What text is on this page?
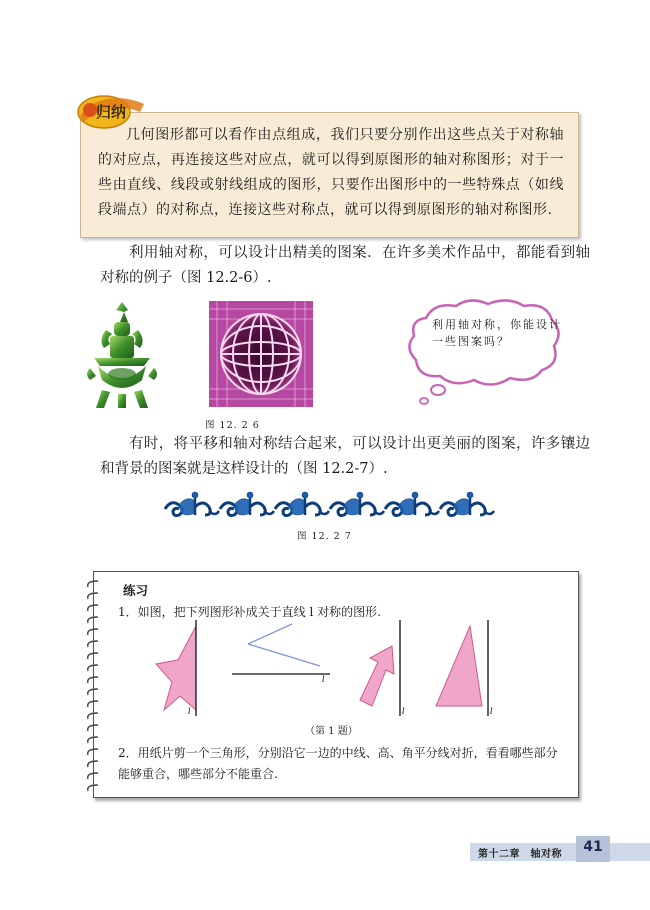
归纳
几何图形都可以看作由点组成，我们只要分别作出这些点关于对称轴的对应点，再连接这些对应点，就可以得到原图形的轴对称图形；对于一些由直线、线段或射线组成的图形，只要作出图形中的一些特殊点（如线段端点）的对称点，连接这些对称点，就可以得到原图形的轴对称图形.
利用轴对称，可以设计出精美的图案．在许多美术作品中，都能看到轴对称的例子（图 12.2-6）.
图 12. 2 6
利用轴对称，你能设计一些图案吗？
有时，将平移和轴对称结合起来，可以设计出更美丽的图案，许多镶边和背景的图案就是这样设计的（图 12.2-7）.
图 12. 2 7
练习
1．如图，把下列图形补成关于直线 l 对称的图形.
l
l
l	l
（第 1 题）
2．用纸片剪一个三角形，分别沿它一边的中线、高、角平分线对折，看看哪些部分能够重合，哪些部分不能重合.
第十二章　轴对称	41
